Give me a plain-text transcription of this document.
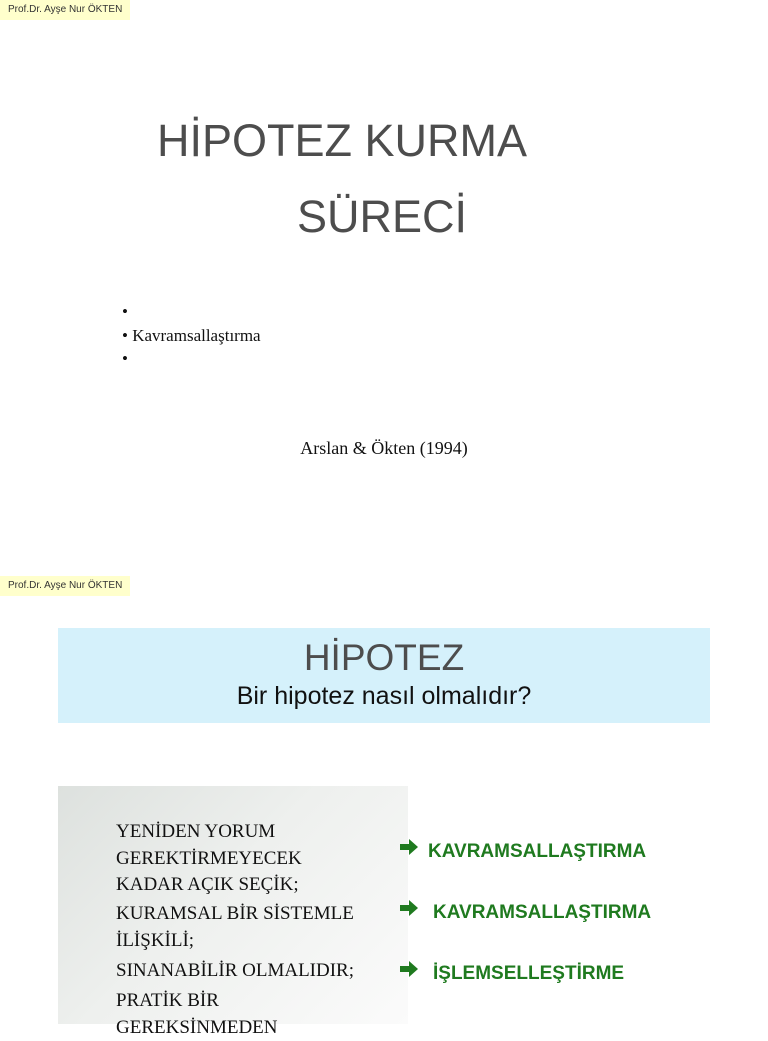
Prof.Dr. Ayşe Nur ÖKTEN
HİPOTEZ KURMA
SÜRECİ
•
• Kavramsallaştırma
•
Arslan & Ökten (1994)
Prof.Dr. Ayşe Nur ÖKTEN
HİPOTEZ
Bir hipotez nasıl olmalıdır?
YENİDEN YORUM
GEREKTİRMEYECEK
KADAR AÇIK SEÇİK;
KURAMSAL BİR SİSTEMLE
İLİŞKİLİ;
SINANABİLİR OLMALIDIR;
PRATİK BİR
GEREKSİNMEDEN
KAVRAMSALLAŞTIRMA
KAVRAMSALLAŞTIRMA
İŞLEMSELLEŞTİRME
